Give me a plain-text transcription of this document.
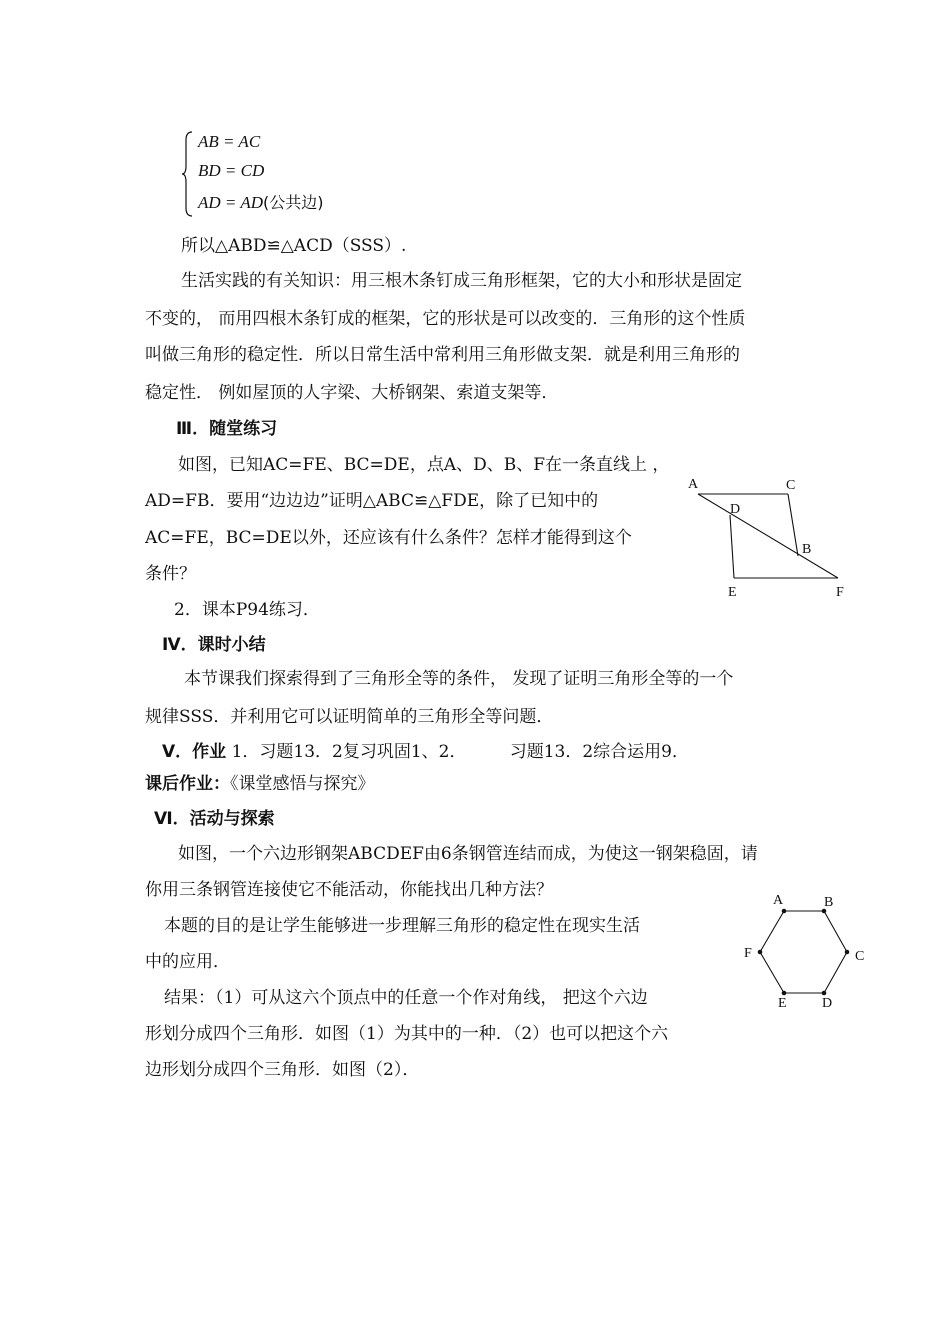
AB = AC
BD = CD
AD = AD(公共边)
所以△ABD≌△ACD（SSS）.
生活实践的有关知识：用三根木条钉成三角形框架，它的大小和形状是固定
不变的， 而用四根木条钉成的框架，它的形状是可以改变的．三角形的这个性质
叫做三角形的稳定性．所以日常生活中常利用三角形做支架．就是利用三角形的
稳定性． 例如屋顶的人字梁、大桥钢架、索道支架等．
Ⅲ．随堂练习
如图，已知AC=FE、BC=DE，点A、D、B、F在一条直线上 ，
AD=FB．要用“边边边”证明△ABC≌△FDE，除了已知中的
AC=FE，BC=DE以外，还应该有什么条件？怎样才能得到这个
条件？
2．课本P94练习．
A	C
D
B
E	F
Ⅳ．课时小结
本节课我们探索得到了三角形全等的条件， 发现了证明三角形全等的一个
规律SSS．并利用它可以证明简单的三角形全等问题．
Ⅴ．作业 1．习题13．2复习巩固1、2．        习题13．2综合运用9．
课后作业：《课堂感悟与探究》
Ⅵ．活动与探索
如图，一个六边形钢架ABCDEF由6条钢管连结而成，为使这一钢架稳固，请
你用三条钢管连接使它不能活动，你能找出几种方法？
本题的目的是让学生能够进一步理解三角形的稳定性在现实生活
中的应用．
结果：（1）可从这六个顶点中的任意一个作对角线， 把这个六边
形划分成四个三角形．如图（1）为其中的一种．（2）也可以把这个六
边形划分成四个三角形．如图（2）．
A	B
C
D
E
F
